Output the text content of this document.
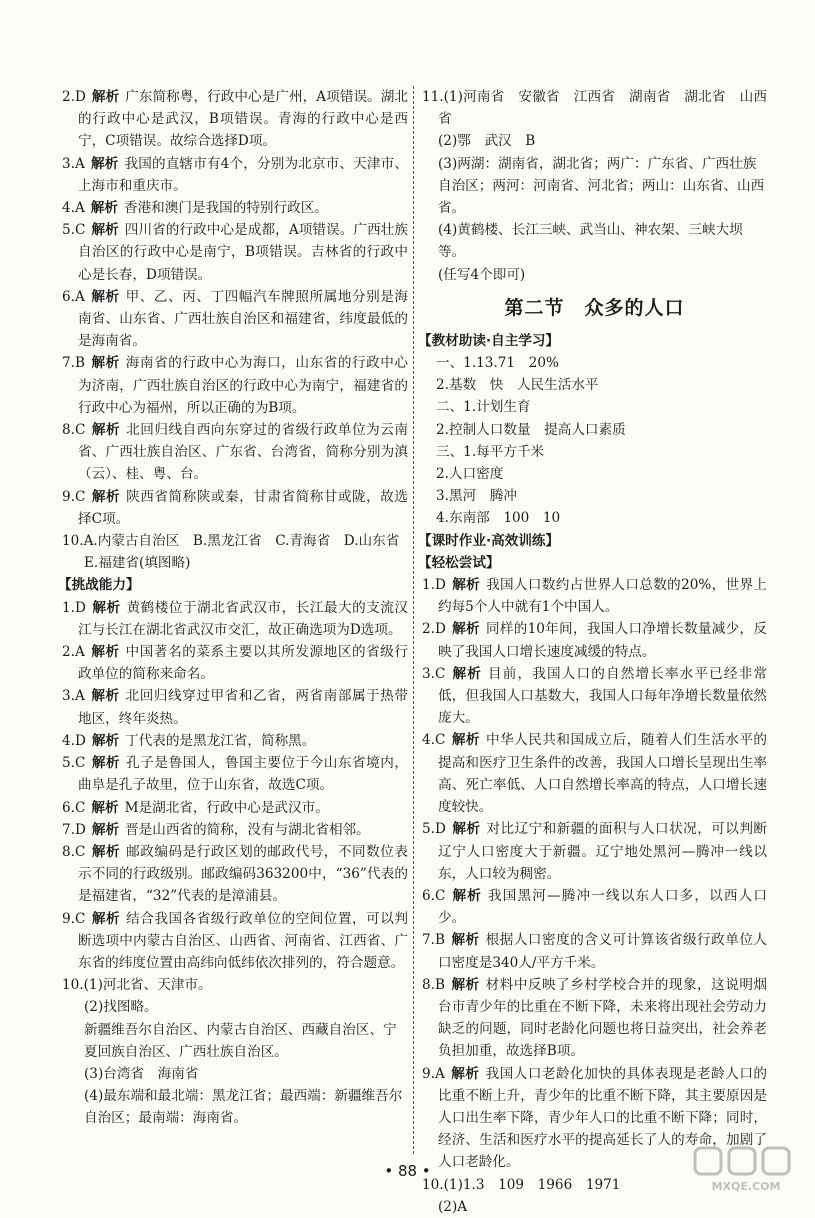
2.D 解析 广东简称粤，行政中心是广州，A项错误。湖北的行政中心是武汉，B项错误。青海的行政中心是西宁，C项错误。故综合选择D项。
3.A 解析 我国的直辖市有4个，分别为北京市、天津市、上海市和重庆市。
4.A 解析 香港和澳门是我国的特别行政区。
5.C 解析 四川省的行政中心是成都，A项错误。广西壮族自治区的行政中心是南宁，B项错误。吉林省的行政中心是长春，D项错误。
6.A 解析 甲、乙、丙、丁四幅汽车牌照所属地分别是海南省、山东省、广西壮族自治区和福建省，纬度最低的是海南省。
7.B 解析 海南省的行政中心为海口，山东省的行政中心为济南，广西壮族自治区的行政中心为南宁，福建省的行政中心为福州，所以正确的为B项。
8.C 解析 北回归线自西向东穿过的省级行政单位为云南省、广西壮族自治区、广东省、台湾省，简称分别为滇（云）、桂、粤、台。
9.C 解析 陕西省简称陕或秦，甘肃省简称甘或陇，故选择C项。
10.A.内蒙古自治区　B.黑龙江省　C.青海省　D.山东省
E.福建省(填图略)
【挑战能力】
1.D 解析 黄鹤楼位于湖北省武汉市，长江最大的支流汉江与长江在湖北省武汉市交汇，故正确选项为D选项。
2.A 解析 中国著名的菜系主要以其所发源地区的省级行政单位的简称来命名。
3.A 解析 北回归线穿过甲省和乙省，两省南部属于热带地区，终年炎热。
4.D 解析 丁代表的是黑龙江省，简称黑。
5.C 解析 孔子是鲁国人，鲁国主要位于今山东省境内，曲阜是孔子故里，位于山东省，故选C项。
6.C 解析 M是湖北省，行政中心是武汉市。
7.D 解析 晋是山西省的简称，没有与湖北省相邻。
8.C 解析 邮政编码是行政区划的邮政代号，不同数位表示不同的行政级别。邮政编码363200中，“36”代表的是福建省，“32”代表的是漳浦县。
9.C 解析 结合我国各省级行政单位的空间位置，可以判断选项中内蒙古自治区、山西省、河南省、江西省、广东省的纬度位置由高纬向低纬依次排列的，符合题意。
10.(1)河北省、天津市。
(2)找图略。
新疆维吾尔自治区、内蒙古自治区、西藏自治区、宁夏回族自治区、广西壮族自治区。
(3)台湾省　海南省
(4)最东端和最北端：黑龙江省；最西端：新疆维吾尔自治区；最南端：海南省。
11.(1)河南省　安徽省　江西省　湖南省　湖北省　山西省
(2)鄂　武汉　B
(3)两湖：湖南省，湖北省；两广：广东省、广西壮族自治区；两河：河南省、河北省；两山：山东省、山西省。
(4)黄鹤楼、长江三峡、武当山、神农架、三峡大坝等。
(任写4个即可)
第二节　众多的人口
【教材助读·自主学习】
一、1.13.71　20%
2.基数　快　人民生活水平
二、1.计划生育
2.控制人口数量　提高人口素质
三、1.每平方千米
2.人口密度
3.黑河　腾冲
4.东南部　100　10
【课时作业·高效训练】
【轻松尝试】
1.D 解析 我国人口数约占世界人口总数的20%，世界上约每5个人中就有1个中国人。
2.D 解析 同样的10年间，我国人口净增长数量减少，反映了我国人口增长速度减缓的特点。
3.C 解析 目前，我国人口的自然增长率水平已经非常低，但我国人口基数大，我国人口每年净增长数量依然庞大。
4.C 解析 中华人民共和国成立后，随着人们生活水平的提高和医疗卫生条件的改善，我国人口增长呈现出生率高、死亡率低、人口自然增长率高的特点，人口增长速度较快。
5.D 解析 对比辽宁和新疆的面积与人口状况，可以判断辽宁人口密度大于新疆。辽宁地处黑河—腾冲一线以东，人口较为稠密。
6.C 解析 我国黑河—腾冲一线以东人口多，以西人口少。
7.B 解析 根据人口密度的含义可计算该省级行政单位人口密度是340人/平方千米。
8.B 解析 材料中反映了乡村学校合并的现象，这说明烟台市青少年的比重在不断下降，未来将出现社会劳动力缺乏的问题，同时老龄化问题也将日益突出，社会养老负担加重，故选择B项。
9.A 解析 我国人口老龄化加快的具体表现是老龄人口的比重不断上升，青少年的比重不断下降，其主要原因是人口出生率下降，青少年人口的比重不断下降；同时，经济、生活和医疗水平的提高延长了人的寿命，加剧了人口老龄化。
10.(1)1.3　109　1966　1971
(2)A
• 88 •
MXQE.COM
